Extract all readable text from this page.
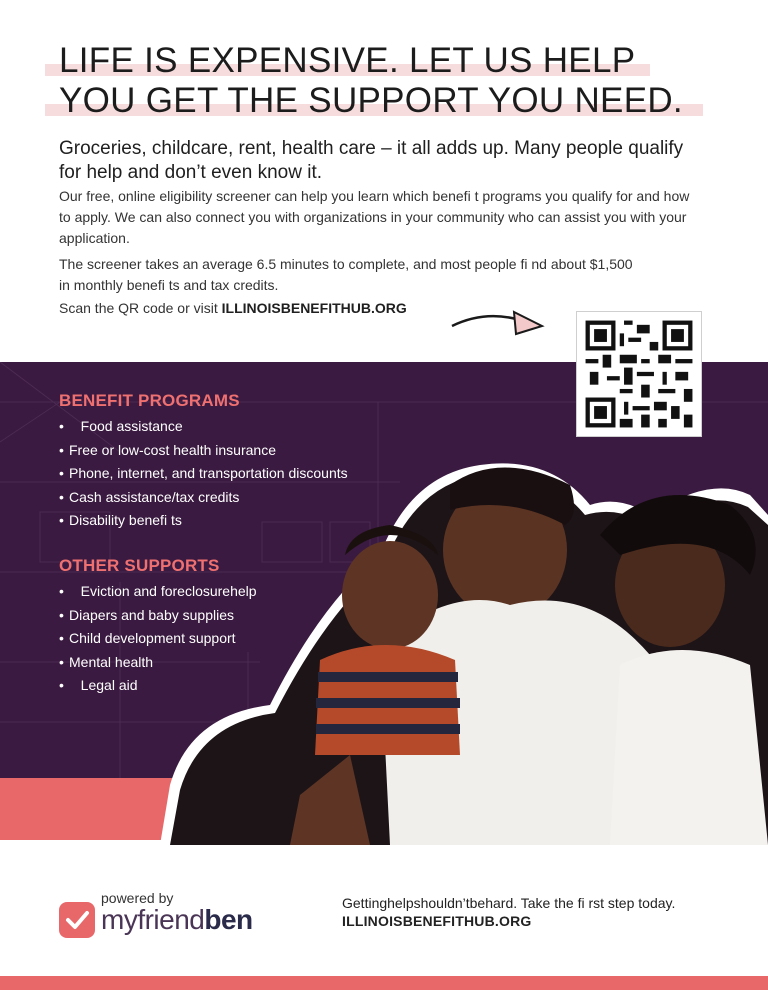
LIFE IS EXPENSIVE. LET US HELP
YOU GET THE SUPPORT YOU NEED.

Groceries, childcare, rent, health care – it all adds up. Many people qualify for help and don’t even know it.

Our free, online eligibility screener can help you learn which benefi t programs you qualify for and how to apply. We can also connect you with organizations in your community who can assist you with your application.

The screener takes an average 6.5 minutes to complete, and most people fi nd about $1,500 in monthly benefi ts and tax credits.

Scan the QR code or visit ILLINOISBENEFITHUB.ORG

BENEFIT PROGRAMS
• Food assistance
• Free or low-cost health insurance
• Phone, internet, and transportation discounts
• Cash assistance/tax credits
• Disability benefi ts
OTHER SUPPORTS
• Eviction and foreclosurehelp
• Diapers and baby supplies
• Child development support
• Mental health
• Legal aid
powered by
myfriendben
Gettinghelpshouldn’tbehard. Take the fi rst step today.
ILLINOISBENEFITHUB.ORG
